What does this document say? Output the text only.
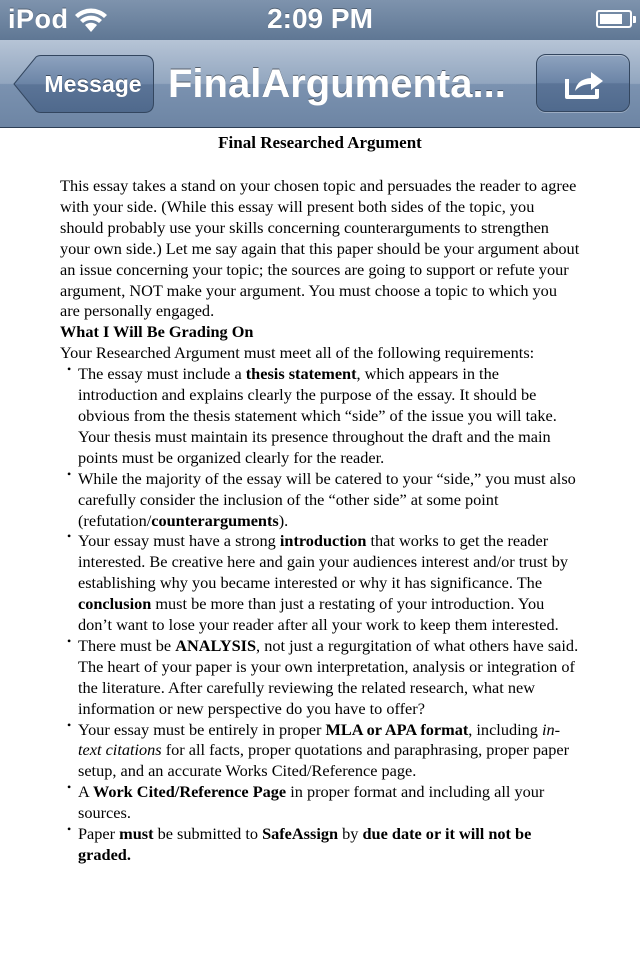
iPod	2:09 PM
Message FinalArgumenta...
Final Researched Argument

This essay takes a stand on your chosen topic and persuades the reader to agree with your side. (While this essay will present both sides of the topic, you should probably use your skills concerning counterarguments to strengthen your own side.) Let me say again that this paper should be your argument about an issue concerning your topic; the sources are going to support or refute your argument, NOT make your argument. You must choose a topic to which you are personally engaged.

What I Will Be Grading On

Your Researched Argument must meet all of the following requirements:

• The essay must include a thesis statement, which appears in the introduction and explains clearly the purpose of the essay. It should be obvious from the thesis statement which “side” of the issue you will take. Your thesis must maintain its presence throughout the draft and the main points must be organized clearly for the reader.
• While the majority of the essay will be catered to your “side,” you must also carefully consider the inclusion of the “other side” at some point (refutation/counterarguments).
• Your essay must have a strong introduction that works to get the reader interested. Be creative here and gain your audiences interest and/or trust by establishing why you became interested or why it has significance. The conclusion must be more than just a restating of your introduction. You don’t want to lose your reader after all your work to keep them interested.
• There must be ANALYSIS, not just a regurgitation of what others have said. The heart of your paper is your own interpretation, analysis or integration of the literature. After carefully reviewing the related research, what new information or new perspective do you have to offer?
• Your essay must be entirely in proper MLA or APA format, including in-text citations for all facts, proper quotations and paraphrasing, proper paper setup, and an accurate Works Cited/Reference page.
• A Work Cited/Reference Page in proper format and including all your sources.
• Paper must be submitted to SafeAssign by due date or it will not be graded.
